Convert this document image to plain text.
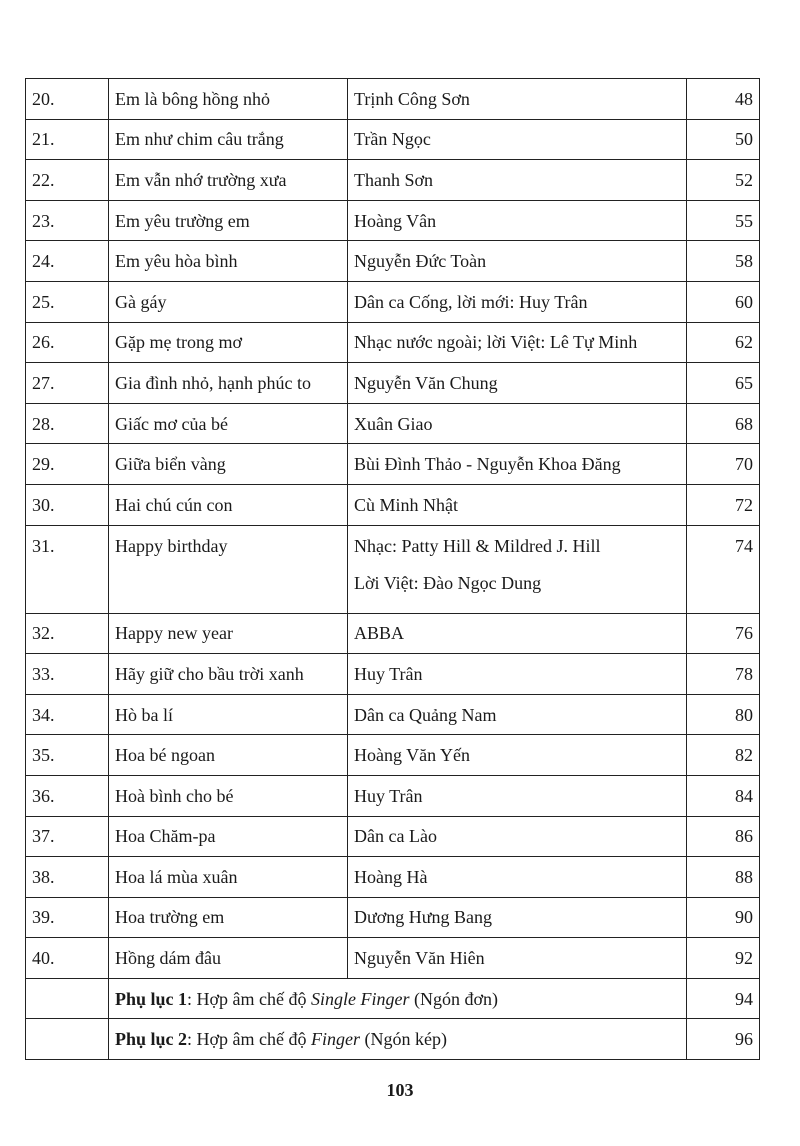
20.	Em là bông hồng nhỏ	Trịnh Công Sơn	48
21.	Em như chim câu trắng	Trần Ngọc	50
22.	Em vẫn nhớ trường xưa	Thanh Sơn	52
23.	Em yêu trường em	Hoàng Vân	55
24.	Em yêu hòa bình	Nguyễn Đức Toàn	58
25.	Gà gáy	Dân ca Cống, lời mới: Huy Trân	60
26.	Gặp mẹ trong mơ	Nhạc nước ngoài; lời Việt: Lê Tự Minh	62
27.	Gia đình nhỏ, hạnh phúc to	Nguyễn Văn Chung	65
28.	Giấc mơ của bé	Xuân Giao	68
29.	Giữa biển vàng	Bùi Đình Thảo - Nguyễn Khoa Đăng	70
30.	Hai chú cún con	Cù Minh Nhật	72
31.	Happy birthday	Nhạc: Patty Hill & Mildred J. Hill
Lời Việt: Đào Ngọc Dung	74
32.	Happy new year	ABBA	76
33.	Hãy giữ cho bầu trời xanh	Huy Trân	78
34.	Hò ba lí	Dân ca Quảng Nam	80
35.	Hoa bé ngoan	Hoàng Văn Yến	82
36.	Hoà bình cho bé	Huy Trân	84
37.	Hoa Chăm-pa	Dân ca Lào	86
38.	Hoa lá mùa xuân	Hoàng Hà	88
39.	Hoa trường em	Dương Hưng Bang	90
40.	Hồng dám đâu	Nguyễn Văn Hiên	92
	Phụ lục 1: Hợp âm chế độ Single Finger (Ngón đơn)		94
	Phụ lục 2: Hợp âm chế độ Finger (Ngón kép)		96
103
